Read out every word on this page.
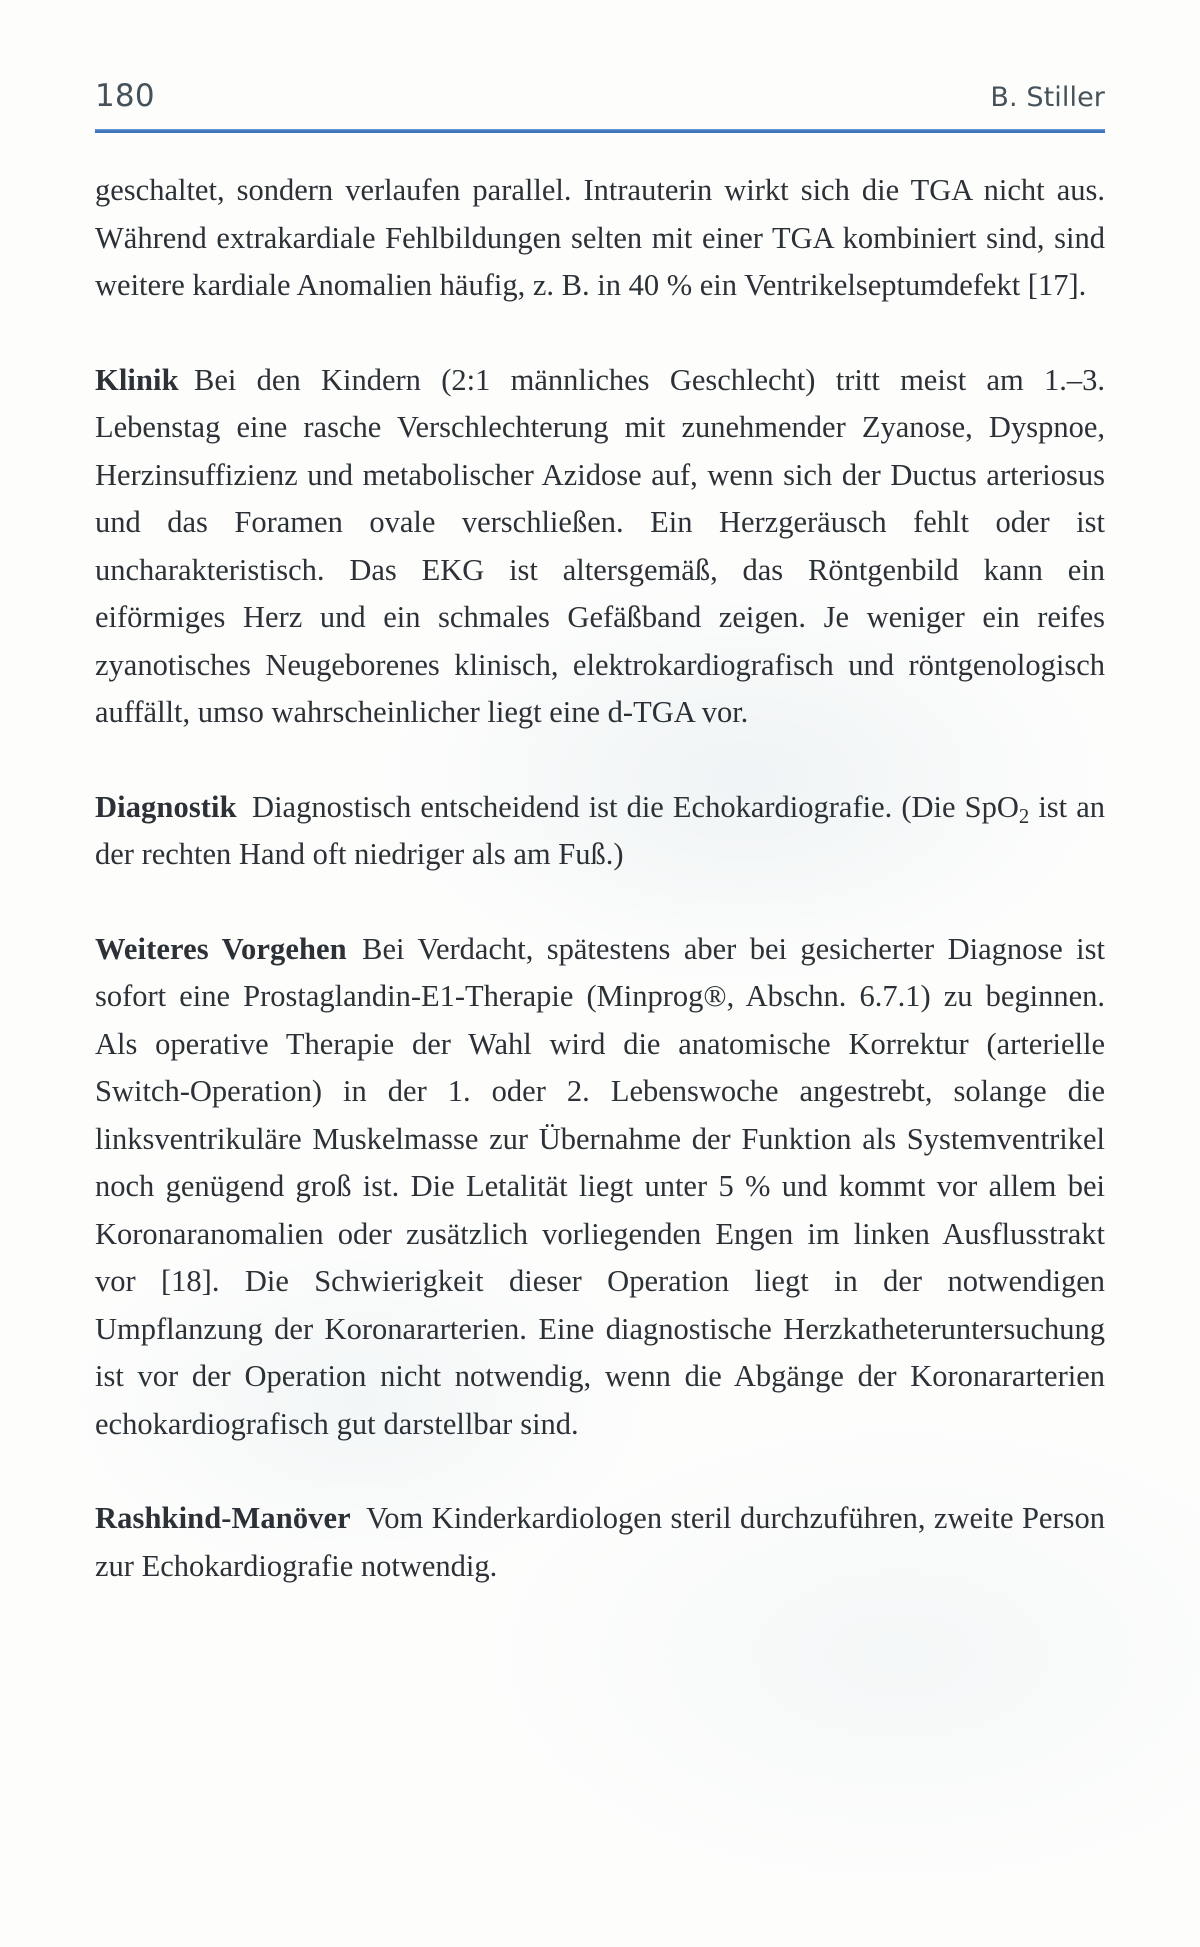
180	B. Stiller

geschaltet, sondern verlaufen parallel. Intrauterin wirkt sich die TGA nicht aus. Während extrakardiale Fehlbildungen selten mit einer TGA kombiniert sind, sind weitere kardiale Anomalien häufig, z. B. in 40 % ein Ventrikelseptumdefekt [17].

Klinik Bei den Kindern (2:1 männliches Geschlecht) tritt meist am 1.–3. Lebenstag eine rasche Verschlechterung mit zunehmender Zyanose, Dyspnoe, Herzinsuffizienz und metabolischer Azidose auf, wenn sich der Ductus arteriosus und das Foramen ovale verschließen. Ein Herzgeräusch fehlt oder ist uncharakteristisch. Das EKG ist altersgemäß, das Röntgenbild kann ein eiförmiges Herz und ein schmales Gefäßband zeigen. Je weniger ein reifes zyanotisches Neugeborenes klinisch, elektrokardiografisch und röntgenologisch auffällt, umso wahrscheinlicher liegt eine d-TGA vor.

Diagnostik Diagnostisch entscheidend ist die Echokardiografie. (Die SpO$_2$ ist an der rechten Hand oft niedriger als am Fuß.)

Weiteres Vorgehen Bei Verdacht, spätestens aber bei gesicherter Diagnose ist sofort eine Prostaglandin-E1-Therapie (Minprog®, Abschn. 6.7.1) zu beginnen. Als operative Therapie der Wahl wird die anatomische Korrektur (arterielle Switch-Operation) in der 1. oder 2. Lebenswoche angestrebt, solange die linksventrikuläre Muskelmasse zur Übernahme der Funktion als Systemventrikel noch genügend groß ist. Die Letalität liegt unter 5 % und kommt vor allem bei Koronaranomalien oder zusätzlich vorliegenden Engen im linken Ausflusstrakt vor [18]. Die Schwierigkeit dieser Operation liegt in der notwendigen Umpflanzung der Koronararterien. Eine diagnostische Herzkatheteruntersuchung ist vor der Operation nicht notwendig, wenn die Abgänge der Koronararterien echokardiografisch gut darstellbar sind.

Rashkind-Manöver Vom Kinderkardiologen steril durchzuführen, zweite Person zur Echokardiografie notwendig.
